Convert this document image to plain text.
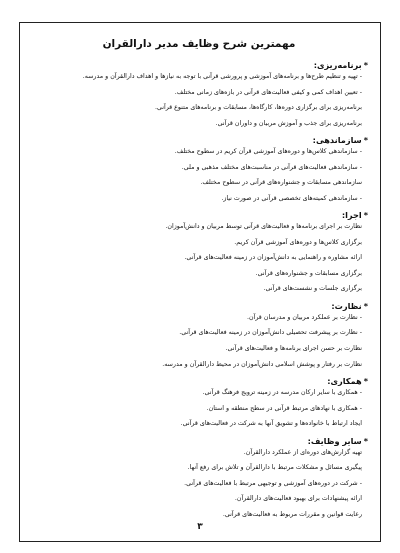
مهمترین شرح وظایف مدیر دارالقران
*برنامه‌ریزی:
- تهیه و تنظیم طرح‌ها و برنامه‌های آموزشی و پرورشی قرآنی با توجه به نیازها و اهداف دارالقرآن و مدرسه.
- تعیین اهداف کمی و کیفی فعالیت‌های قرآنی در بازه‌های زمانی مختلف.
برنامه‌ریزی برای برگزاری دوره‌ها، کارگاه‌ها، مسابقات و برنامه‌های متنوع قرآنی.
برنامه‌ریزی برای جذب و آموزش مربیان و داوران قرآنی.
*سازماندهی:
- سازماندهی کلاس‌ها و دوره‌های آموزشی قرآن کریم در سطوح مختلف.
- سازماندهی فعالیت‌های قرآنی در مناسبت‌های مختلف مذهبی و ملی.
سازماندهی مسابقات و جشنواره‌های قرآنی در سطوح مختلف.
- سازماندهی کمیته‌های تخصصی قرآنی در صورت نیاز.
*اجرا:
نظارت بر اجرای برنامه‌ها و فعالیت‌های قرآنی توسط مربیان و دانش‌آموزان.
برگزاری کلاس‌ها و دوره‌های آموزشی قرآن کریم.
ارائه مشاوره و راهنمایی به دانش‌آموزان در زمینه فعالیت‌های قرآنی.
برگزاری مسابقات و جشنواره‌های قرآنی.
برگزاری جلسات و نشست‌های قرآنی.
*نظارت:
- نظارت بر عملکرد مربیان و مدرسان قرآن.
- نظارت بر پیشرفت تحصیلی دانش‌آموزان در زمینه فعالیت‌های قرآنی.
نظارت بر حسن اجرای برنامه‌ها و فعالیت‌های قرآنی.
نظارت بر رفتار و پوشش اسلامی دانش‌آموزان در محیط دارالقرآن و مدرسه.
*همکاری:
- همکاری با سایر ارکان مدرسه در زمینه ترویج فرهنگ قرآنی.
- همکاری با نهادهای مرتبط قرآنی در سطح منطقه و استان.
ایجاد ارتباط با خانواده‌ها و تشویق آنها به شرکت در فعالیت‌های قرآنی.
*سایر وظایف:
تهیه گزارش‌های دوره‌ای از عملکرد دارالقرآن.
پیگیری مسائل و مشکلات مرتبط با دارالقرآن و تلاش برای رفع آنها.
- شرکت در دوره‌های آموزشی و توجیهی مرتبط با فعالیت‌های قرآنی.
ارائه پیشنهادات برای بهبود فعالیت‌های دارالقرآن.
رعایت قوانین و مقررات مربوط به فعالیت‌های قرآنی.
۳
